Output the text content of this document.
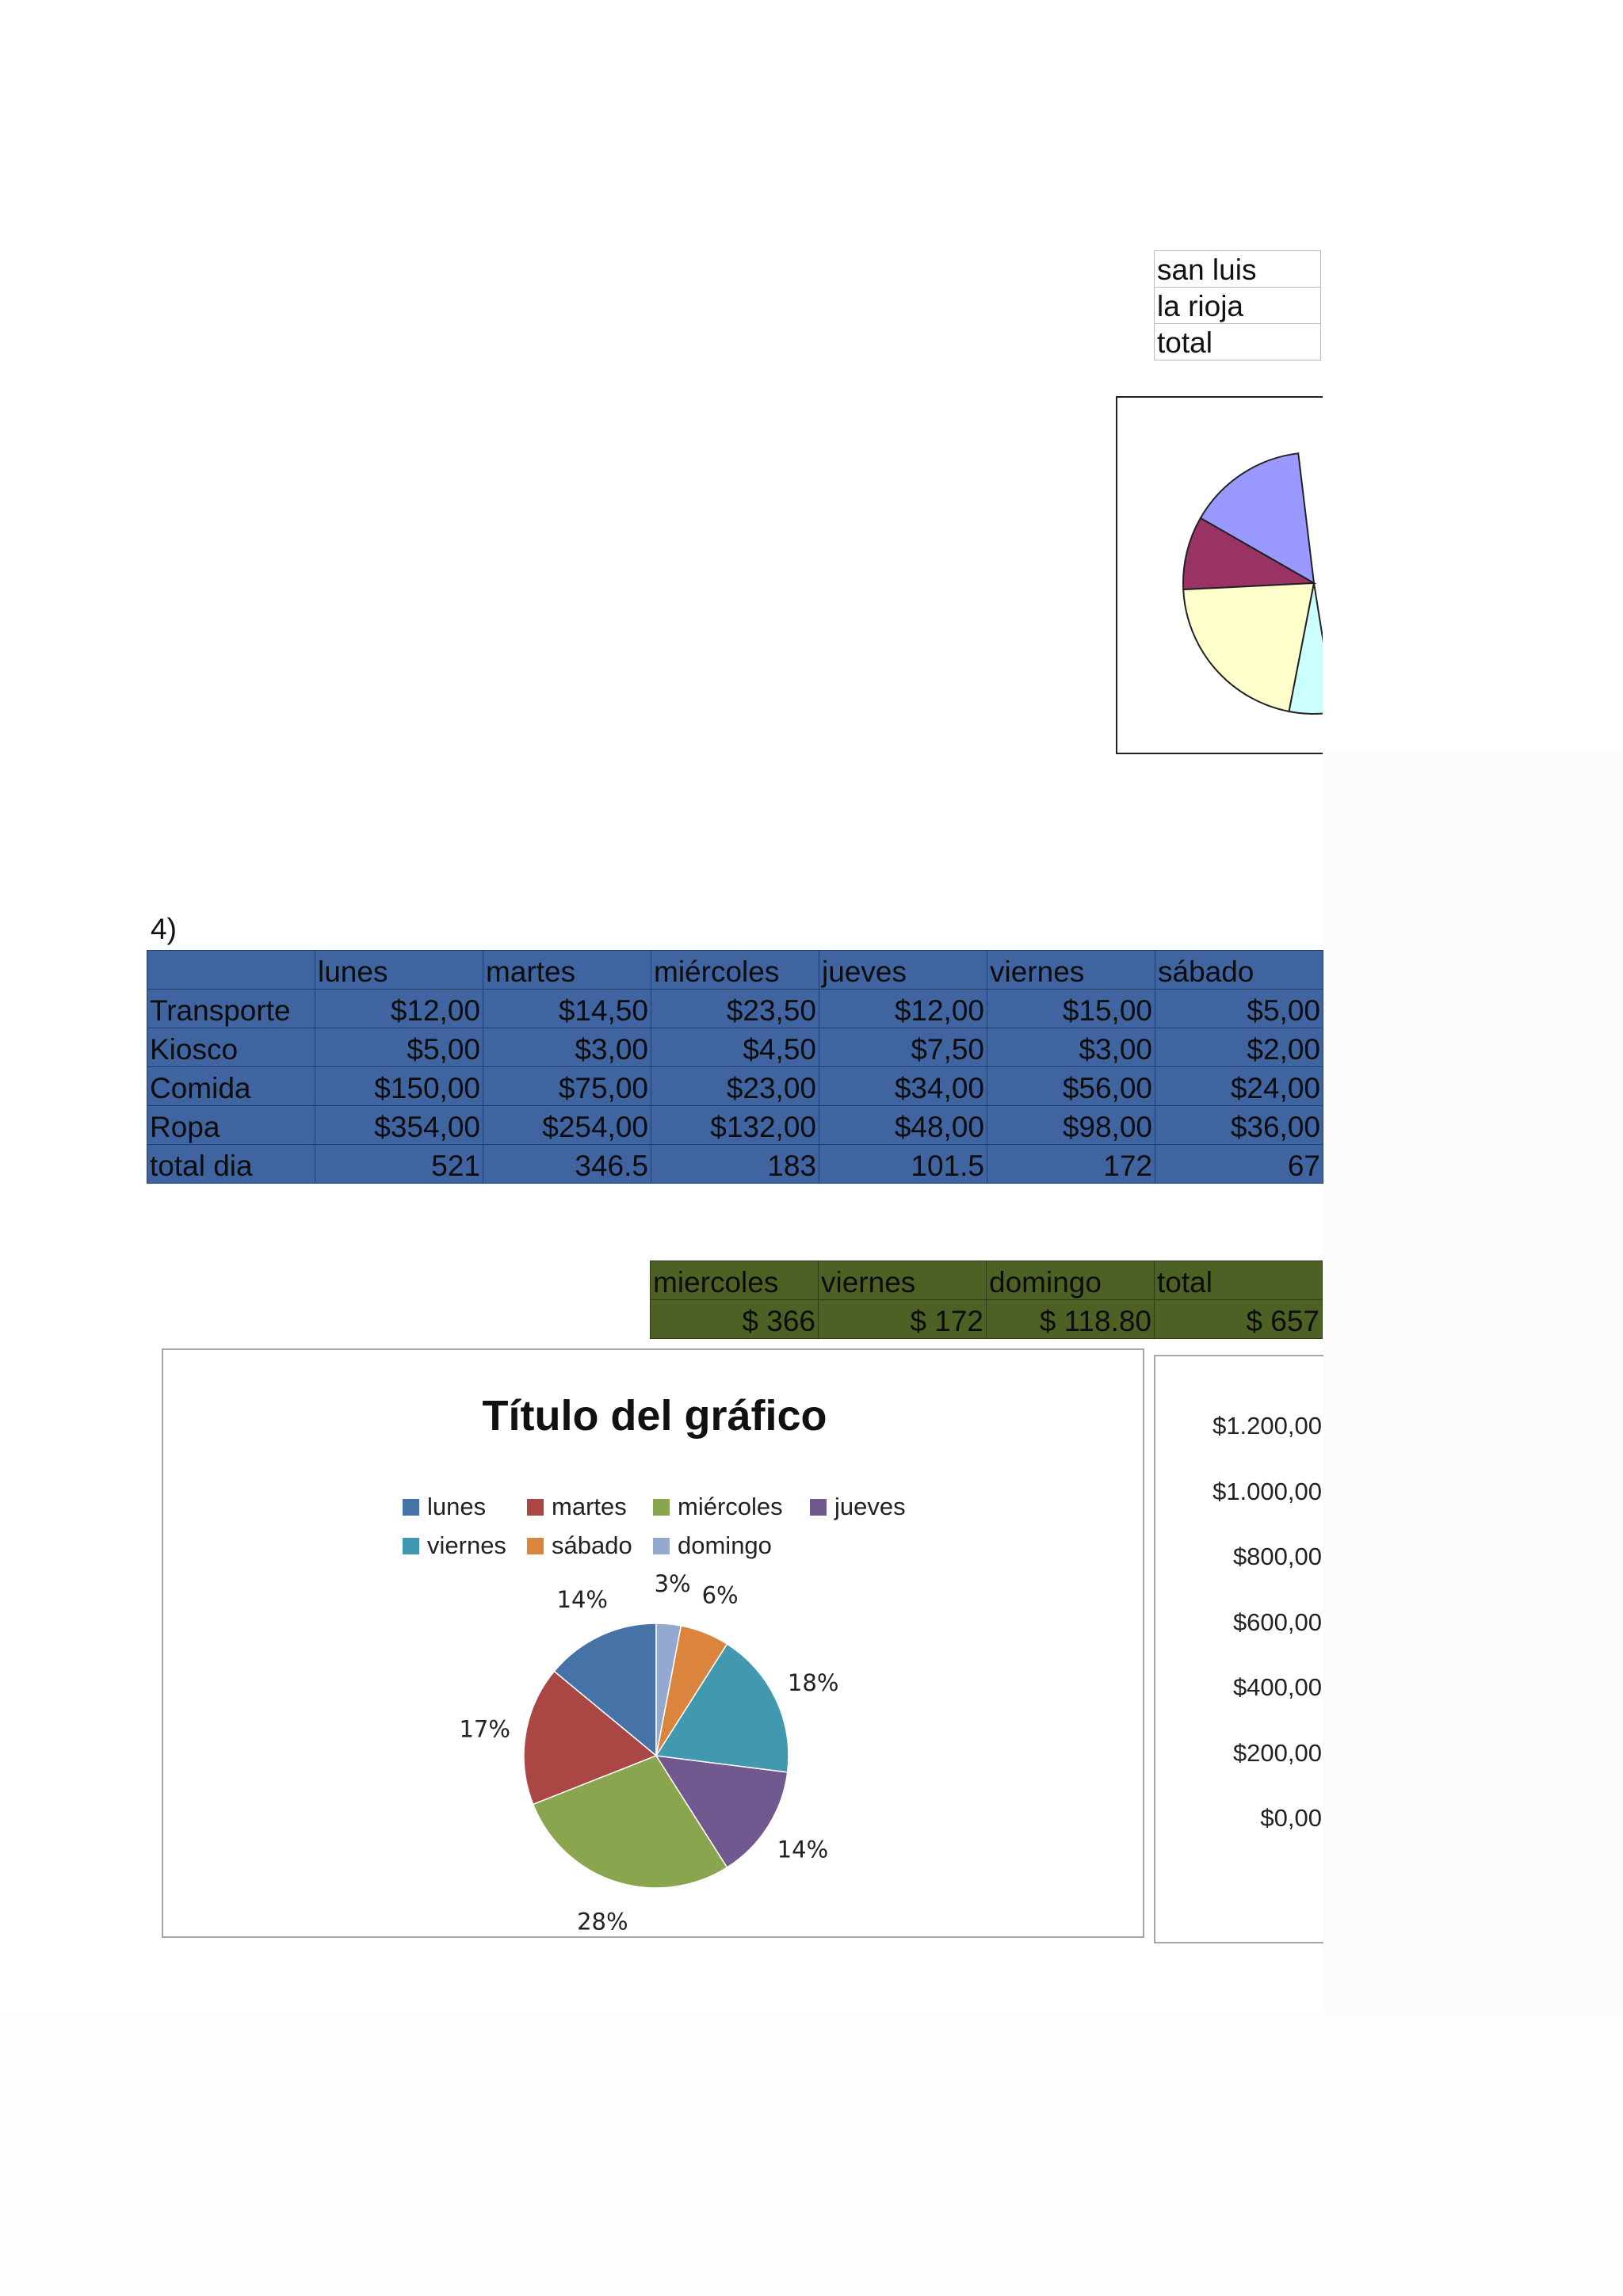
san luis
la rioja
total
4)
	lunes	martes	miércoles	jueves	viernes	sábado
Transporte	$12,00	$14,50	$23,50	$12,00	$15,00	$5,00
Kiosco	$5,00	$3,00	$4,50	$7,50	$3,00	$2,00
Comida	$150,00	$75,00	$23,00	$34,00	$56,00	$24,00
Ropa	$354,00	$254,00	$132,00	$48,00	$98,00	$36,00
total dia	521	346.5	183	101.5	172	67
miercoles	viernes	domingo	total
$ 366	$ 172	$ 118.80	$ 657
Título del gráfico
lunes	martes miércoles jueves
viernes sábado domingo
14%
17%
28%
14%
18%
6%
3%
$1.200,00
$1.000,00
$800,00
$600,00
$400,00
$200,00
$0,00
